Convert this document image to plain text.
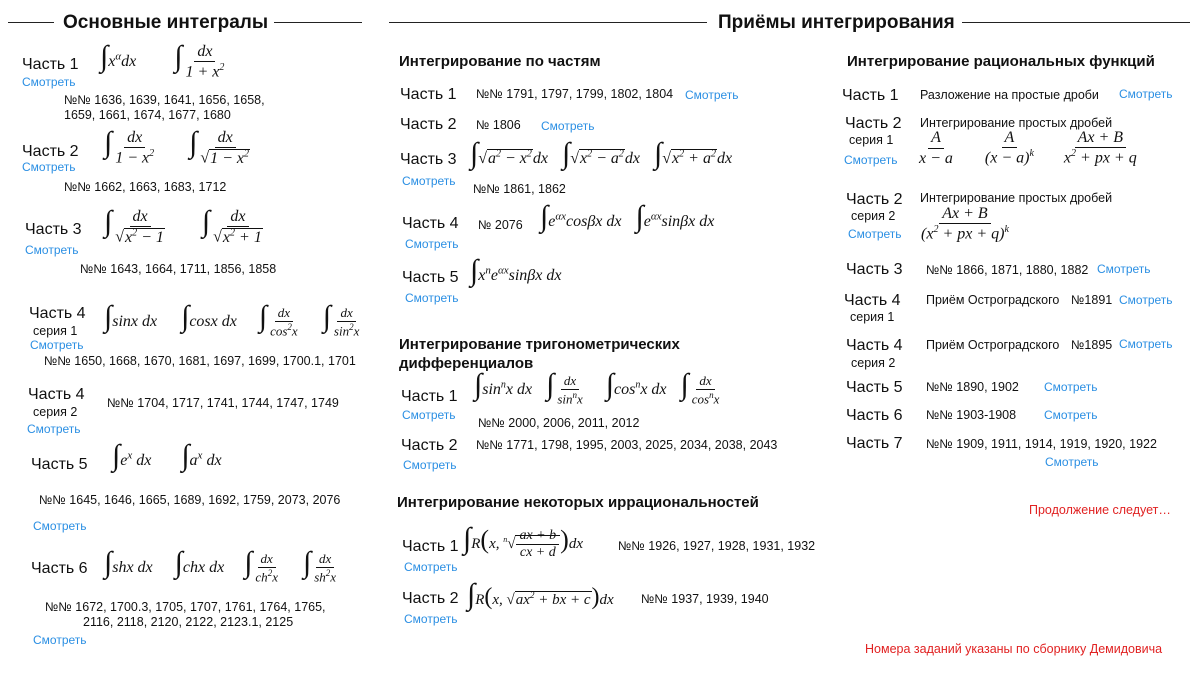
Основные интегралы	Приёмы интегрирования
Часть 1
Смотреть
$\int x^\alpha dx$  ∫ $\frac{dx}{1 + x^2}$
№№ 1636, 1639, 1641, 1656, 1658,
1659, 1661, 1674, 1677, 1680
Часть 2
Смотреть
∫ $\frac{dx}{1 - x^2}$ ∫ $\frac{dx}{√1 - x^2}$
№№ 1662, 1663, 1683, 1712
Часть 3
Смотреть
∫ $\frac{dx}{√x^2 - 1}$ ∫ $\frac{dx}{√x^2 + 1}$
№№ 1643, 1664, 1711, 1856, 1858
Часть 4
серия 1
Смотреть
∫sinx dx  ∫cosx dx  ∫ $\frac{dx}{\cos^2x}$ ∫ $\frac{dx}{\sin^2x}$
№№ 1650, 1668, 1670, 1681, 1697, 1699, 1700.1, 1701
Часть 4
серия 2
Смотреть
№№ 1704, 1717, 1741, 1744, 1747, 1749
Часть 5 $\int e^x$ dx  $\int a^x$ dx
№№ 1645, 1646, 1665, 1689, 1692, 1759, 2073, 2076
Смотреть
Часть 6 ∫shx dx  ∫chx dx  ∫ $\frac{dx}{ch^2x}$ ∫ $\frac{dx}{sh^2x}$
№№ 1672, 1700.3, 1705, 1707, 1761, 1764, 1765,
2116, 2118, 2120, 2122, 2123.1, 2125
Смотреть
Интегрирование по частям
Часть 1 №№ 1791, 1797, 1799, 1802, 1804 Смотреть
Часть 2 № 1806 Смотреть
Часть 3
Смотреть
$\int√a^2 - x^2dx$  $\int√x^2 - a^2dx$  $\int√x^2 + a^2dx$
№№ 1861, 1862
Часть 4 № 2076
Смотреть
$\int e^{\alpha x}\cos\beta x$ dx  $\int e^{\alpha x}\sin\beta x$ dx
Часть 5
Смотреть
$\int x^ne^{\alpha x}\sin\beta x$ dx
Интегрирование тригонометрических
дифференциалов
Часть 1
Смотреть
$\int\sin^nx$ dx  ∫ $\frac{dx}{\sin^nx} \int\cos^nx$ dx  ∫ $\frac{dx}{\cos^nx}$
№№ 2000, 2006, 2011, 2012
Часть 2 №№ 1771, 1798, 1995, 2003, 2025, 2034, 2038, 2043
Смотреть
Интегрирование некоторых иррациональностей
Часть 1
Смотреть
∫R(x, $^n√ \frac{ax + b}{cx + d} )dx$	№№ 1926, 1927, 1928, 1931, 1932
Часть 2
Смотреть
∫R(x, $√ax^2$ + bx + c)dx №№ 1937, 1939, 1940
Интегрирование рациональных функций
Часть 1 Разложение на простые дроби Смотреть
Часть 2
серия 1
Смотреть
Интегрирование простых дробей
$\frac{A}{x - a}$
$\frac{A}{(x - a)^k}$
$\frac{Ax + B}{x^2 + px + q}$
Часть 2
серия 2
Смотреть
Интегрирование простых дробей
$\frac{Ax + B}{(x^2 + px + q)^k}$
Часть 3 №№ 1866, 1871, 1880, 1882 Смотреть
Часть 4
серия 1
Приём Остроградского №1891 Смотреть
Часть 4
серия 2
Приём Остроградского №1895 Смотреть
Часть 5 №№ 1890, 1902 Смотреть
Часть 6 №№ 1903-1908 Смотреть
Часть 7 №№ 1909, 1911, 1914, 1919, 1920, 1922
Смотреть
Продолжение следует…
Номера заданий указаны по сборнику Демидовича
